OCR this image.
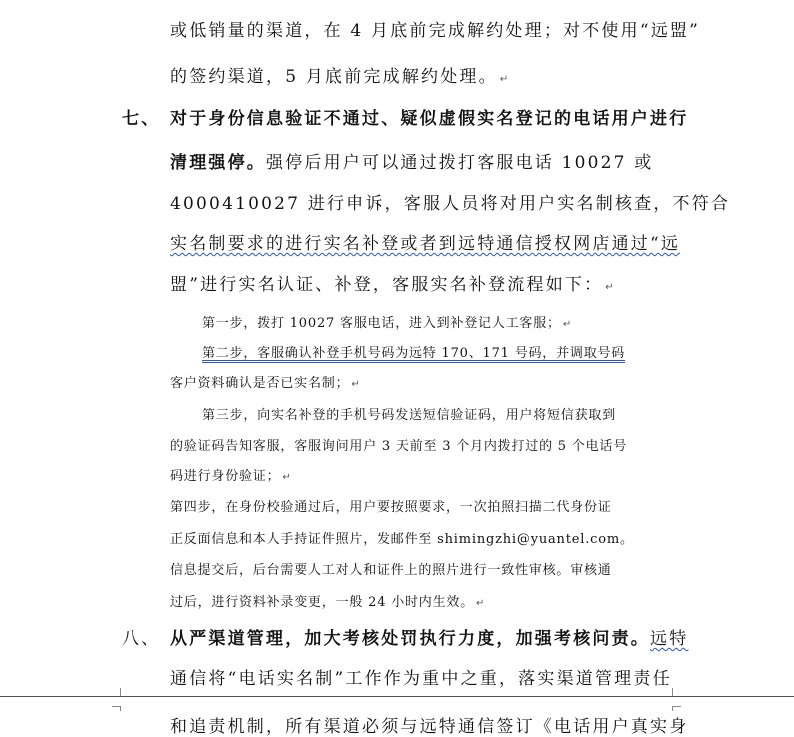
或低销量的渠道，在 4 月底前完成解约处理；对不使用“远盟”
的签约渠道，5 月底前完成解约处理。 ↵
七、 对于身份信息验证不通过、疑似虚假实名登记的电话用户进行
清理强停。强停后用户可以通过拨打客服电话 10027 或
4000410027 进行申诉，客服人员将对用户实名制核查，不符合
实名制要求的进行实名补登或者到远特通信授权网店通过“远
盟”进行实名认证、补登，客服实名补登流程如下： ↵
第一步，拨打 10027 客服电话，进入到补登记人工客服； ↵
第二步，客服确认补登手机号码为远特 170、171 号码，并调取号码
客户资料确认是否已实名制； ↵
第三步，向实名补登的手机号码发送短信验证码，用户将短信获取到
的验证码告知客服，客服询问用户 3 天前至 3 个月内拨打过的 5 个电话号
码进行身份验证； ↵
第四步，在身份校验通过后，用户要按照要求，一次拍照扫描二代身份证
正反面信息和本人手持证件照片，发邮件至 shimingzhi@yuantel.com。
信息提交后，后台需要人工对人和证件上的照片进行一致性审核。审核通
过后，进行资料补录变更，一般 24 小时内生效。 ↵
八、 从严渠道管理，加大考核处罚执行力度，加强考核问责。远特
通信将“电话实名制”工作作为重中之重，落实渠道管理责任
和追责机制，所有渠道必须与远特通信签订《电话用户真实身
